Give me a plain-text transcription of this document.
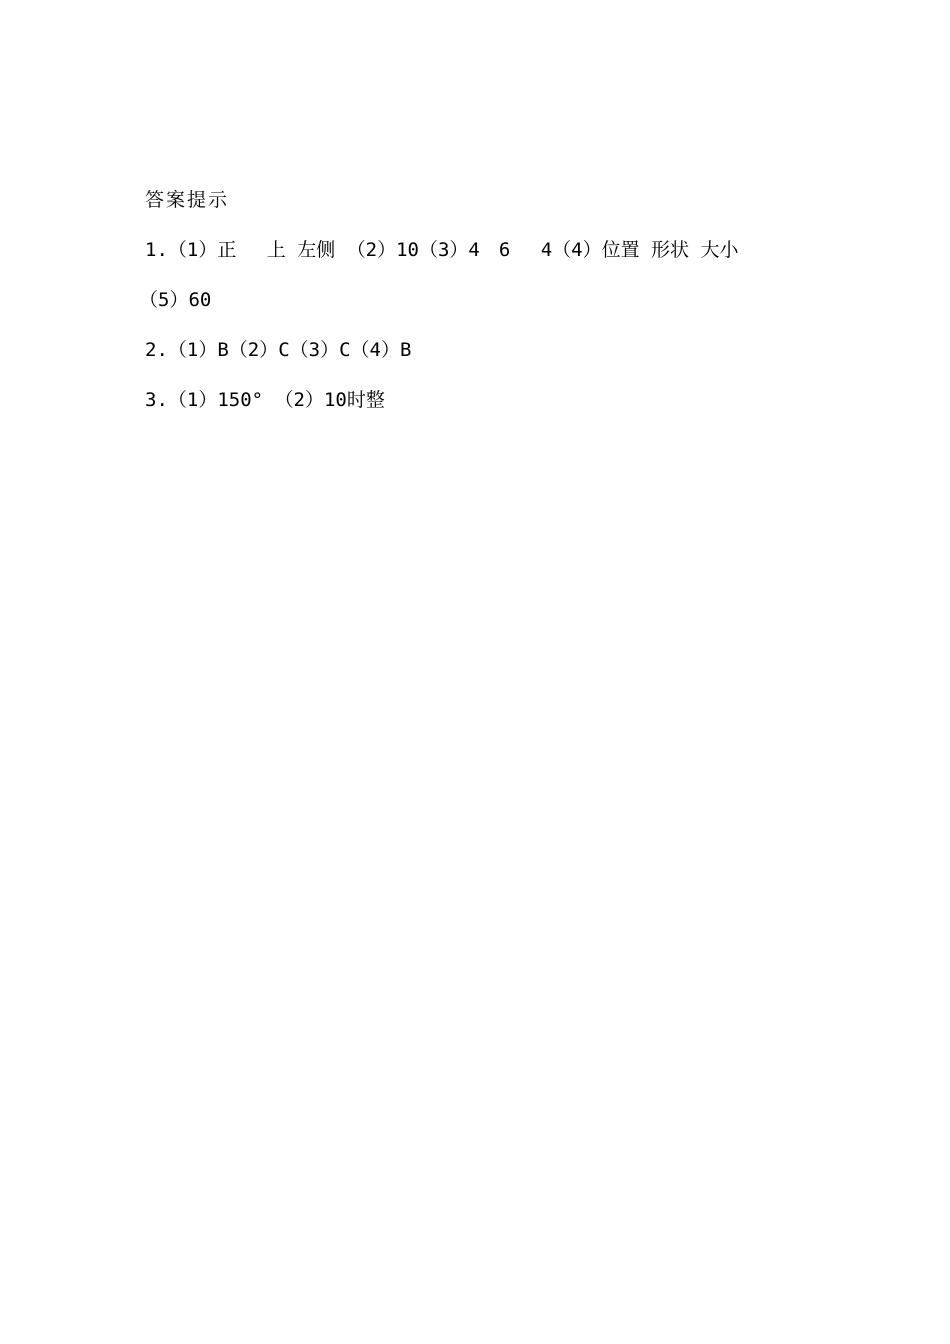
答案提示
1.（1）正　 上 左侧 （2）10（3）4　6　 4（4）位置 形状 大小
（5）60
2.（1）B（2）C（3）C（4）B
3.（1）150° （2）10时整
